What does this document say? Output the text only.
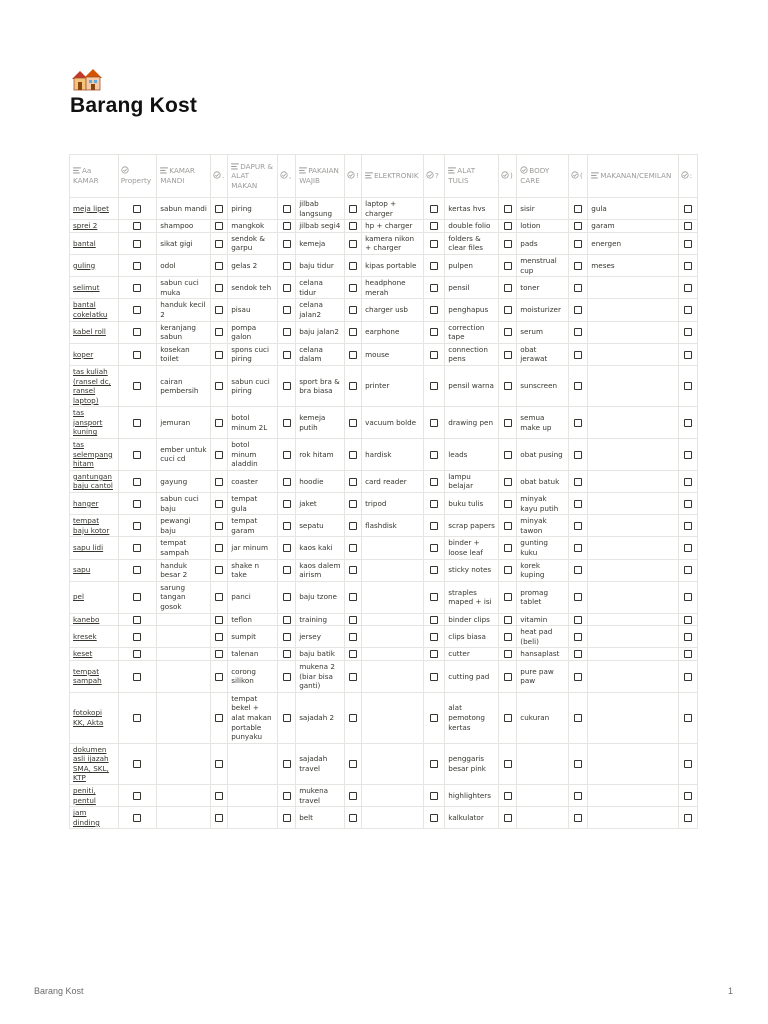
Barang Kost
Aa KAMAR	Property	KAMAR MANDI	.	DAPUR & ALAT MAKAN	,	PAKAIAN WAJIB	!	ELEKTRONIK	?	ALAT TULIS	)	BODY CARE	(	MAKANAN/CEMILAN	:
meja lipet		sabun mandi		piring		jilbab langsung		laptop + charger		kertas hvs		sisir		gula	
sprei 2		shampoo		mangkok		jilbab segi4		hp + charger		double folio		lotion		garam	
bantal		sikat gigi		sendok & garpu		kemeja		kamera nikon + charger		folders & clear files		pads		energen	
guling		odol		gelas 2		baju tidur		kipas portable		pulpen		menstrual cup		meses	
selimut		sabun cuci muka		sendok teh		celana tidur		headphone merah		pensil		toner			
bantal cokelatku		handuk kecil 2		pisau		celana jalan2		charger usb		penghapus		moisturizer			
kabel roll		keranjang sabun		pompa galon		baju jalan2		earphone		correction tape		serum			
koper		kosekan toilet		spons cuci piring		celana dalam		mouse		connection pens		obat jerawat			
tas kuliah (ransel dc, ransel laptop)		cairan pembersih		sabun cuci piring		sport bra & bra biasa		printer		pensil warna		sunscreen			
tas jansport kuning		jemuran		botol minum 2L		kemeja putih		vacuum bolde		drawing pen		semua make up			
tas selempang hitam		ember untuk cuci cd		botol minum aladdin		rok hitam		hardisk		leads		obat pusing			
gantungan baju cantol		gayung		coaster		hoodie		card reader		lampu belajar		obat batuk			
hanger		sabun cuci baju		tempat gula		jaket		tripod		buku tulis		minyak kayu putih			
tempat baju kotor		pewangi baju		tempat garam		sepatu		flashdisk		scrap papers		minyak tawon			
sapu lidi		tempat sampah		jar minum		kaos kaki				binder + loose leaf		gunting kuku			
sapu		handuk besar 2		shake n take		kaos dalem airism				sticky notes		korek kuping			
pel		sarung tangan gosok		panci		baju tzone				straples maped + isi		promag tablet			
kanebo				teflon		training				binder clips		vitamin			
kresek				sumpit		jersey				clips biasa		heat pad (beli)			
keset				talenan		baju batik				cutter		hansaplast			
tempat sampah				corong silikon		mukena 2 (biar bisa ganti)				cutting pad		pure paw paw			
fotokopi KK, Akta				tempat bekel + alat makan portable punyaku		sajadah 2				alat pemotong kertas		cukuran			
dokumen asli ijazah SMA, SKL, KTP						sajadah travel				penggaris besar pink					
peniti, pentul						mukena travel				highlighters					
jam dinding						belt				kalkulator					
Barang Kost	1
